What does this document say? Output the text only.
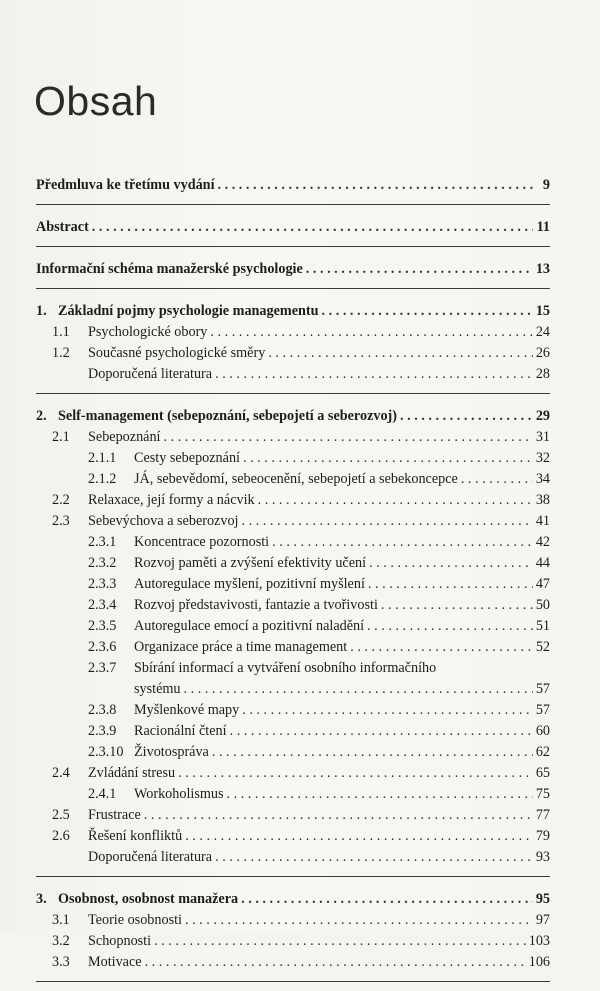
Obsah
Předmluva ke třetímu vydání . . .	9
Abstract . . .	11
Informační schéma manažerské psychologie . . .	13
1. Základní pojmy psychologie managementu . . .	15
1.1	Psychologické obory . . .	24
1.2	Současné psychologické směry . . .	26
Doporučená literatura . . .	28
2. Self-management (sebepoznání, sebepojetí a seberozvoj) . . .	29
2.1	Sebepoznání . . .	31
2.1.1	Cesty sebepoznání . . .	32
2.1.2	JÁ, sebevědomí, sebeocenění, sebepojetí a sebekoncepce . . .	34
2.2	Relaxace, její formy a nácvik . . .	38
2.3	Sebevýchova a seberozvoj . . .	41
2.3.1	Koncentrace pozornosti . . .	42
2.3.2	Rozvoj paměti a zvýšení efektivity učení . . .	44
2.3.3	Autoregulace myšlení, pozitivní myšlení . . .	47
2.3.4	Rozvoj představivosti, fantazie a tvořivosti . . .	50
2.3.5	Autoregulace emocí a pozitivní naladění . . .	51
2.3.6	Organizace práce a time management . . .	52
2.3.7	Sbírání informací a vytváření osobního informačního
systému . . .	57
2.3.8	Myšlenkové mapy . . .	57
2.3.9	Racionální čtení . . .	60
2.3.10 Životospráva . . .	62
2.4	Zvládání stresu . . .	65
2.4.1	Workoholismus . . .	75
2.5	Frustrace . . .	77
2.6	Řešení konfliktů . . .	79
Doporučená literatura . . .	93
3. Osobnost, osobnost manažera . . .	95
3.1	Teorie osobnosti . . .	97
3.2	Schopnosti . . .	103
3.3	Motivace . . .	106
